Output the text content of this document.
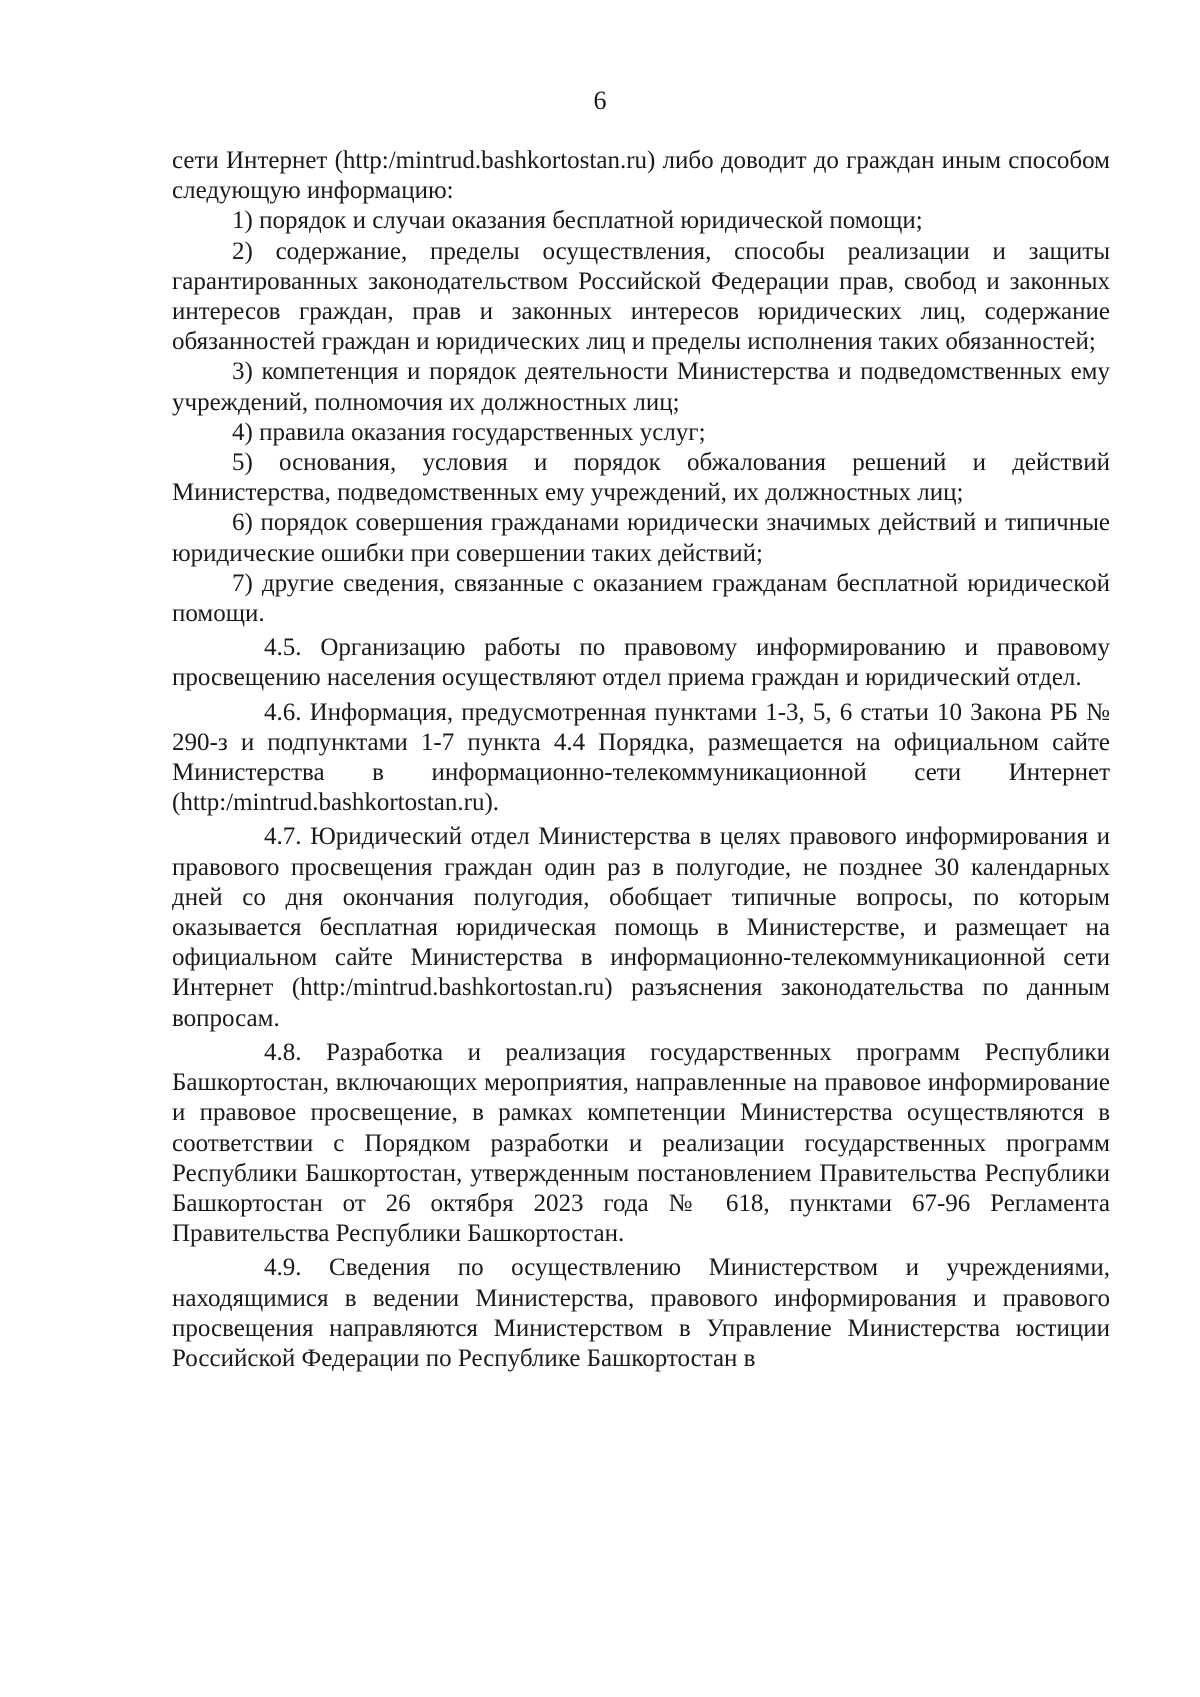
6

сети Интернет (http:/mintrud.bashkortostan.ru) либо доводит до граждан иным способом следующую информацию:

1) порядок и случаи оказания бесплатной юридической помощи;

2) содержание, пределы осуществления, способы реализации и защиты гарантированных законодательством Российской Федерации прав, свобод и законных интересов граждан, прав и законных интересов юридических лиц, содержание обязанностей граждан и юридических лиц и пределы исполнения таких обязанностей;

3) компетенция и порядок деятельности Министерства и подведомственных ему учреждений, полномочия их должностных лиц;

4) правила оказания государственных услуг;

5) основания, условия и порядок обжалования решений и действий Министерства, подведомственных ему учреждений, их должностных лиц;

6) порядок совершения гражданами юридически значимых действий и типичные юридические ошибки при совершении таких действий;

7) другие сведения, связанные с оказанием гражданам бесплатной юридической помощи.

4.5. Организацию работы по правовому информированию и правовому просвещению населения осуществляют отдел приема граждан и юридический отдел.

4.6. Информация, предусмотренная пунктами 1-3, 5, 6 статьи 10 Закона РБ № 290-з и подпунктами 1-7 пункта 4.4 Порядка, размещается на официальном сайте Министерства в информационно-телекоммуникационной сети Интернет (http:/mintrud.bashkortostan.ru).

4.7. Юридический отдел Министерства в целях правового информирования и правового просвещения граждан один раз в полугодие, не позднее 30 календарных дней со дня окончания полугодия, обобщает типичные вопросы, по которым оказывается бесплатная юридическая помощь в Министерстве, и размещает на официальном сайте Министерства в информационно-телекоммуникационной сети Интернет (http:/mintrud.bashkortostan.ru) разъяснения законодательства по данным вопросам.

4.8. Разработка и реализация государственных программ Республики Башкортостан, включающих мероприятия, направленные на правовое информирование и правовое просвещение, в рамках компетенции Министерства осуществляются в соответствии с Порядком разработки и реализации государственных программ Республики Башкортостан, утвержденным постановлением Правительства Республики Башкортостан от 26 октября 2023 года № 618, пунктами 67-96 Регламента Правительства Республики Башкортостан.

4.9. Сведения по осуществлению Министерством и учреждениями, находящимися в ведении Министерства, правового информирования и правового просвещения направляются Министерством в Управление Министерства юстиции Российской Федерации по Республике Башкортостан в
